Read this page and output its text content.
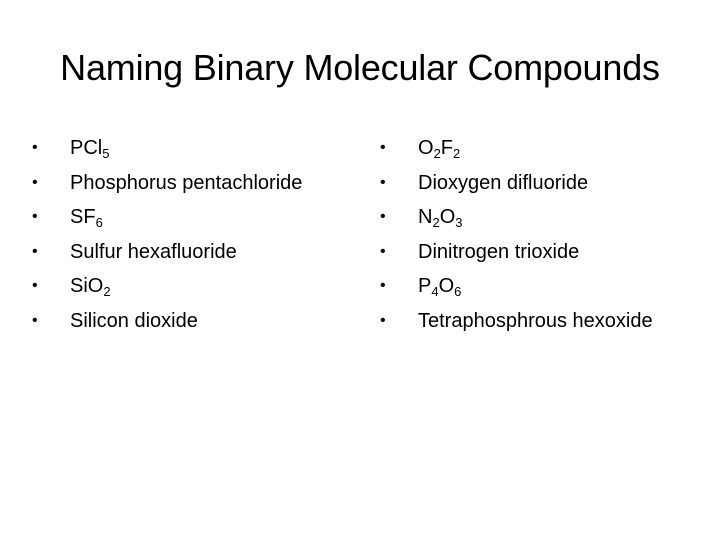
Naming Binary Molecular Compounds
•	PCl$_5$
•	Phosphorus pentachloride
•	$SF_6$
•	Sulfur hexafluoride
•	SiO$_2$
•	Silicon dioxide
•	$O_2F_2$
•	Dioxygen difluoride
•	$N_2O_3$
•	Dinitrogen trioxide
•	$P_4O_6$
•	Tetraphosphrous hexoxide
